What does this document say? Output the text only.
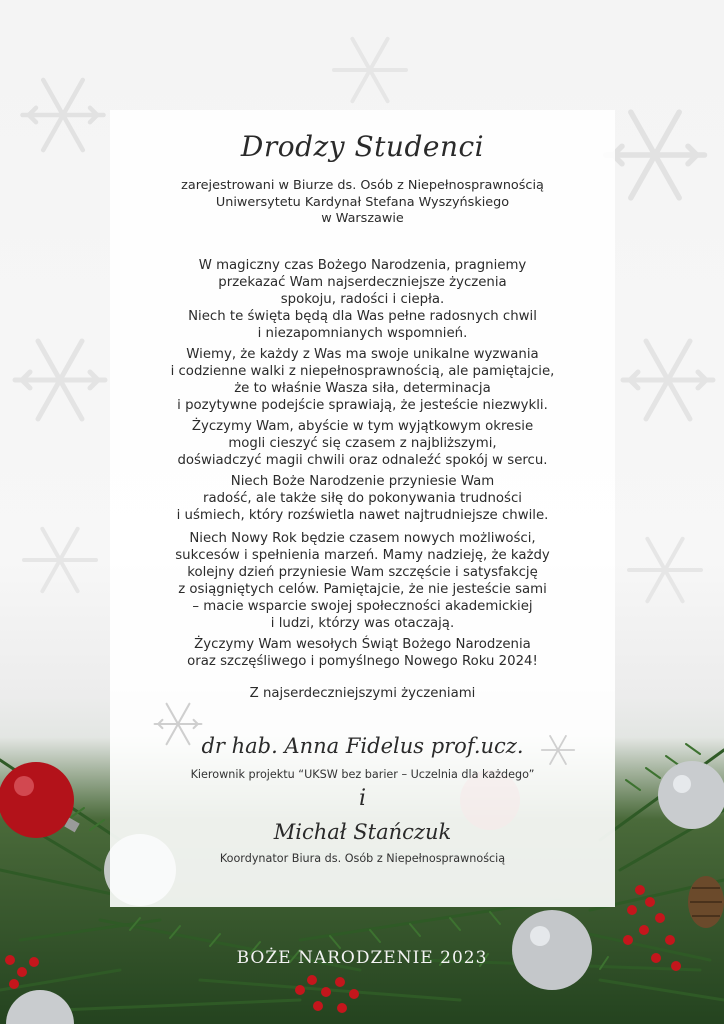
Drodzy Studenci
zarejestrowani w Biurze ds. Osób z Niepełnosprawnością
Uniwersytetu Kardynał Stefana Wyszyńskiego
w Warszawie
W magiczny czas Bożego Narodzenia, pragniemy
przekazać Wam najserdeczniejsze życzenia
spokoju, radości i ciepła.
Niech te święta będą dla Was pełne radosnych chwil
i niezapomnianych wspomnień.
Wiemy, że każdy z Was ma swoje unikalne wyzwania
i codzienne walki z niepełnosprawnością, ale pamiętajcie,
że to właśnie Wasza siła, determinacja
i pozytywne podejście sprawiają, że jesteście niezwykli.
Życzymy Wam, abyście w tym wyjątkowym okresie
mogli cieszyć się czasem z najbliższymi,
doświadczyć magii chwili oraz odnaleźć spokój w sercu.
Niech Boże Narodzenie przyniesie Wam
radość, ale także siłę do pokonywania trudności
i uśmiech, który rozświetla nawet najtrudniejsze chwile.
Niech Nowy Rok będzie czasem nowych możliwości,
sukcesów i spełnienia marzeń. Mamy nadzieję, że każdy
kolejny dzień przyniesie Wam szczęście i satysfakcję
z osiągniętych celów. Pamiętajcie, że nie jesteście sami
– macie wsparcie swojej społeczności akademickiej
i ludzi, którzy was otaczają.
Życzymy Wam wesołych Świąt Bożego Narodzenia
oraz szczęśliwego i pomyślnego Nowego Roku 2024!
Z najserdeczniejszymi życzeniami
dr hab. Anna Fidelus prof.ucz.
Kierownik projektu “UKSW bez barier – Uczelnia dla każdego”
i
Michał Stańczuk
Koordynator Biura ds. Osób z Niepełnosprawnością
BOŻE NARODZENIE 2023
